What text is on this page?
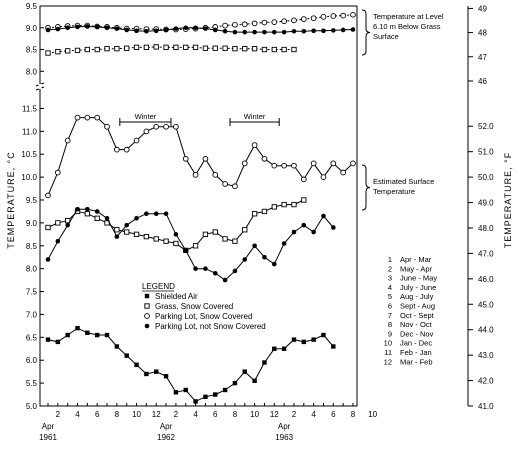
5.0
5.5
6.0
6.5
7.0
7.5
8.0
8.5
9.0
9.5
10.0
10.5
11.0
11.5
8.0
8.5
9.0
9.5
41.0
42.0
43.0
44.0
45.0
46.0
47.0
48.0
49.0
50.0
51.0
52.0
46
47
48
49
2 4 6 8 10 12 2 4 6 8 10 12 2 4 6 8 10
Apr
1961
Apr
1962
Apr
1963
TEMPERATURE, °C	TEMPERATURE, °F
Winter	Winter
Temperature at Level 6.10 m Below Grass Surface
Estimated Surface Temperature
LEGEND
Shielded Air
Grass, Snow Covered
Parking Lot, Snow Covered
Parking Lot, not Snow Covered
1 Apr - Mar
2 May - Apr
3 June - May
4 July - June
5 Aug - July
6 Sept - Aug
7 Oct - Sept
8 Nov - Oct
9 Dec - Nov
10 Jan - Dec
11 Feb - Jan
12 Mar - Feb
